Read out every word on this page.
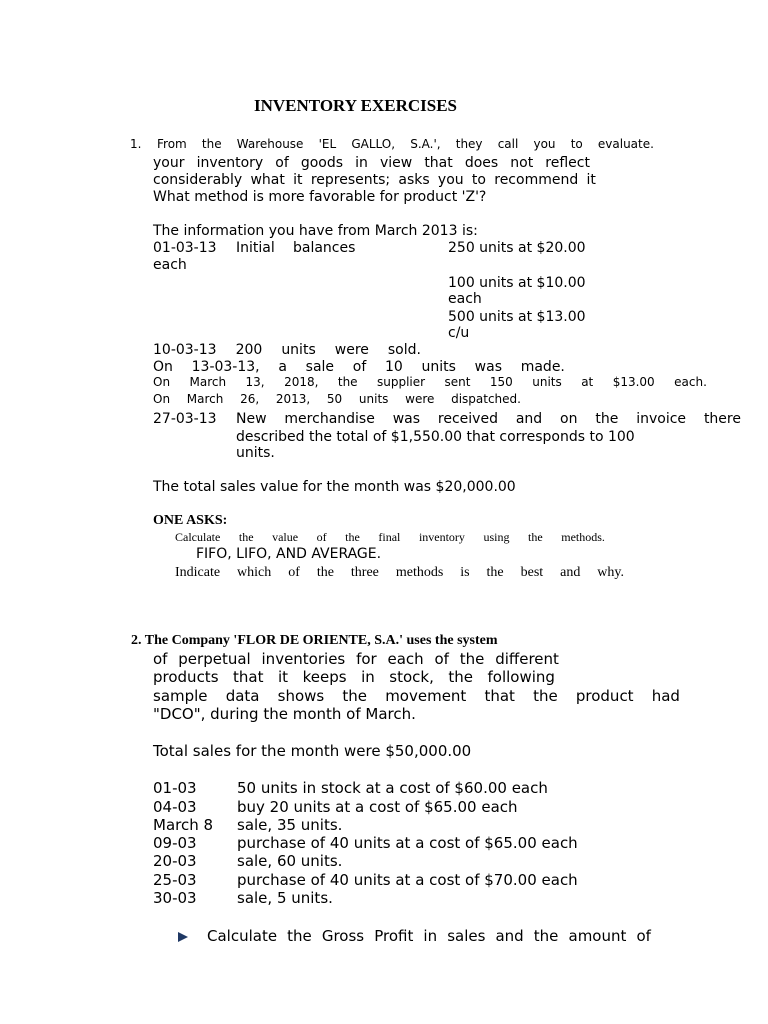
INVENTORY EXERCISES
1. From the Warehouse 'EL GALLO, S.A.', they call you to evaluate.
your inventory of goods in view that does not reflect
considerably what it represents; asks you to recommend it
What method is more favorable for product 'Z'?
The information you have from March 2013 is:
01-03-13 Initial balances	250 units at $20.00
each
100 units at $10.00
each
500 units at $13.00
c/u
10-03-13 200 units were sold.
On 13-03-13, a sale of 10 units was made.
On March 13, 2018, the supplier sent 150 units at $13.00 each.
On March 26, 2013, 50 units were dispatched.
27-03-13 New merchandise was received and on the invoice there
described the total of $1,550.00 that corresponds to 100
units.
The total sales value for the month was $20,000.00
ONE ASKS:
Calculate the value of the final inventory using the methods.
FIFO, LIFO, AND AVERAGE.
Indicate which of the three methods is the best and why.
2. The Company 'FLOR DE ORIENTE, S.A.' uses the system
of perpetual inventories for each of the different
products that it keeps in stock, the following
sample data shows the movement that the product had
"DCO", during the month of March.
Total sales for the month were $50,000.00
01-03	50 units in stock at a cost of $60.00 each
04-03	buy 20 units at a cost of $65.00 each
March 8 sale, 35 units.
09-03	purchase of 40 units at a cost of $65.00 each
20-03	sale, 60 units.
25-03	purchase of 40 units at a cost of $70.00 each
30-03	sale, 5 units.
Calculate the Gross Profit in sales and the amount of
